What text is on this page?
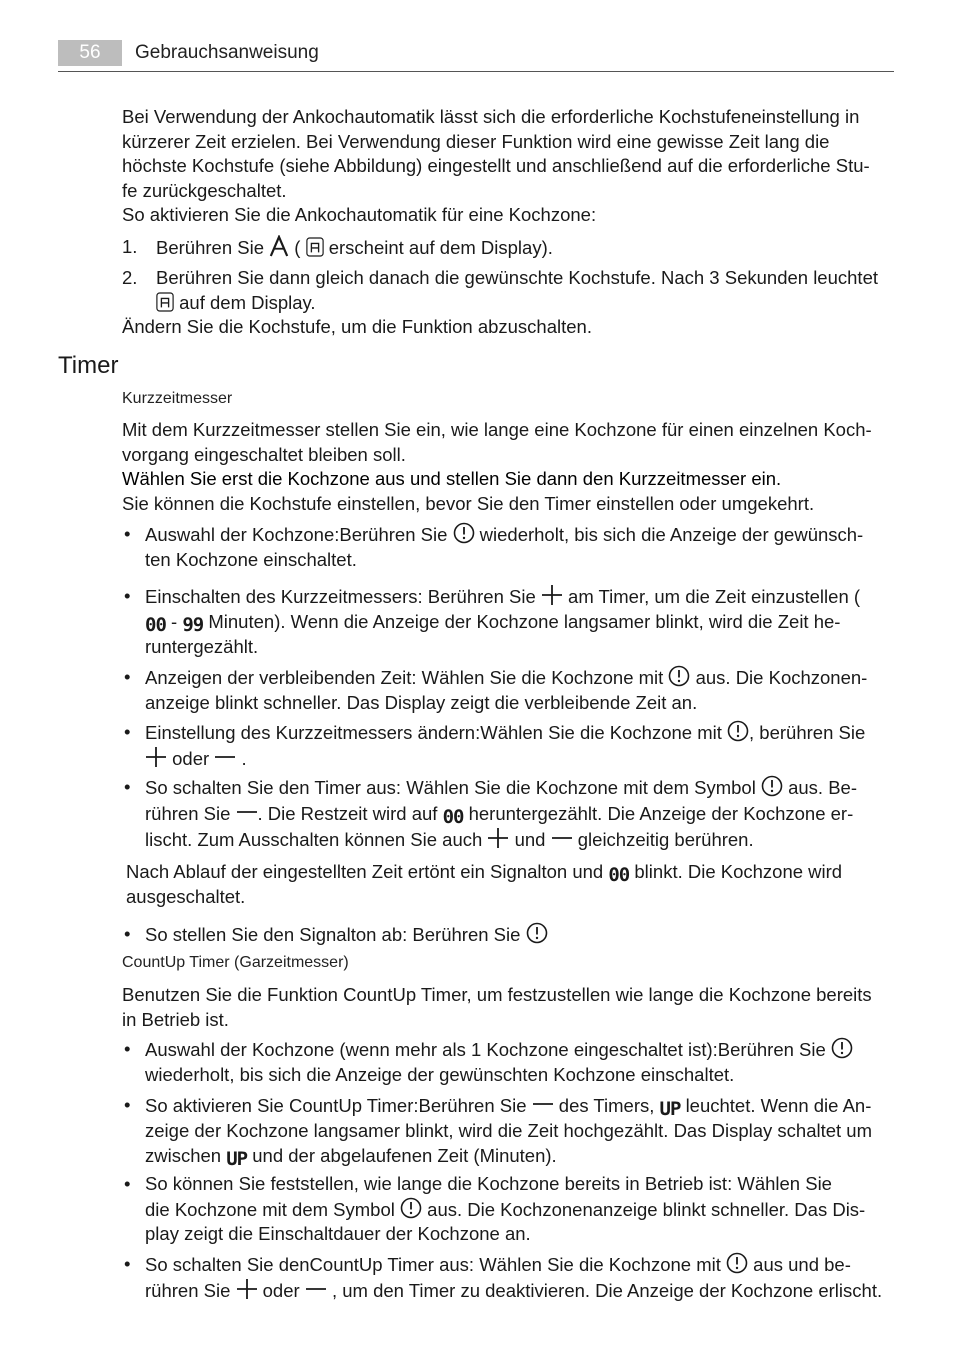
56	Gebrauchsanweisung
Bei Verwendung der Ankochautomatik lässt sich die erforderliche Kochstufeneinstellung in
kürzerer Zeit erzielen. Bei Verwendung dieser Funktion wird eine gewisse Zeit lang die
höchste Kochstufe (siehe Abbildung) eingestellt und anschließend auf die erforderliche Stu-
fe zurückgeschaltet.
So aktivieren Sie die Ankochautomatik für eine Kochzone:
1. Berühren Sie ( erscheint auf dem Display).
2. Berühren Sie dann gleich danach die gewünschte Kochstufe. Nach 3 Sekunden leuchtet

auf dem Display.
Ändern Sie die Kochstufe, um die Funktion abzuschalten.
Timer
Kurzzeitmesser
Mit dem Kurzzeitmesser stellen Sie ein, wie lange eine Kochzone für einen einzelnen Koch-
vorgang eingeschaltet bleiben soll.
Wählen Sie erst die Kochzone aus und stellen Sie dann den Kurzzeitmesser ein.
Sie können die Kochstufe einstellen, bevor Sie den Timer einstellen oder umgekehrt.
• Auswahl der Kochzone:Berühren Sie wiederholt, bis sich die Anzeige der gewünsch-
ten Kochzone einschaltet.
• Einschalten des Kurzzeitmessers: Berühren Sie am Timer, um die Zeit einzustellen (
00 - 99 Minuten). Wenn die Anzeige der Kochzone langsamer blinkt, wird die Zeit he-
runtergezählt.
• Anzeigen der verbleibenden Zeit: Wählen Sie die Kochzone mit aus. Die Kochzonen-
anzeige blinkt schneller. Das Display zeigt die verbleibende Zeit an.
• Einstellung des Kurzzeitmessers ändern:Wählen Sie die Kochzone mit , berühren Sie

oder .
• So schalten Sie den Timer aus: Wählen Sie die Kochzone mit dem Symbol aus. Be-
rühren Sie . Die Restzeit wird auf 00 heruntergezählt. Die Anzeige der Kochzone er-
lischt. Zum Ausschalten können Sie auch und gleichzeitig berühren.
Nach Ablauf der eingestellten Zeit ertönt ein Signalton und 00 blinkt. Die Kochzone wird
ausgeschaltet.
• So stellen Sie den Signalton ab: Berühren Sie
CountUp Timer (Garzeitmesser)
Benutzen Sie die Funktion CountUp Timer, um festzustellen wie lange die Kochzone bereits
in Betrieb ist.
• Auswahl der Kochzone (wenn mehr als 1 Kochzone eingeschaltet ist):Berühren Sie

wiederholt, bis sich die Anzeige der gewünschten Kochzone einschaltet.
• So aktivieren Sie CountUp Timer:Berühren Sie des Timers, UP leuchtet. Wenn die An-
zeige der Kochzone langsamer blinkt, wird die Zeit hochgezählt. Das Display schaltet um
zwischen UP und der abgelaufenen Zeit (Minuten).
• So können Sie feststellen, wie lange die Kochzone bereits in Betrieb ist: Wählen Sie
die Kochzone mit dem Symbol aus. Die Kochzonenanzeige blinkt schneller. Das Dis-
play zeigt die Einschaltdauer der Kochzone an.
• So schalten Sie denCountUp Timer aus: Wählen Sie die Kochzone mit aus und be-
rühren Sie oder , um den Timer zu deaktivieren. Die Anzeige der Kochzone erlischt.
